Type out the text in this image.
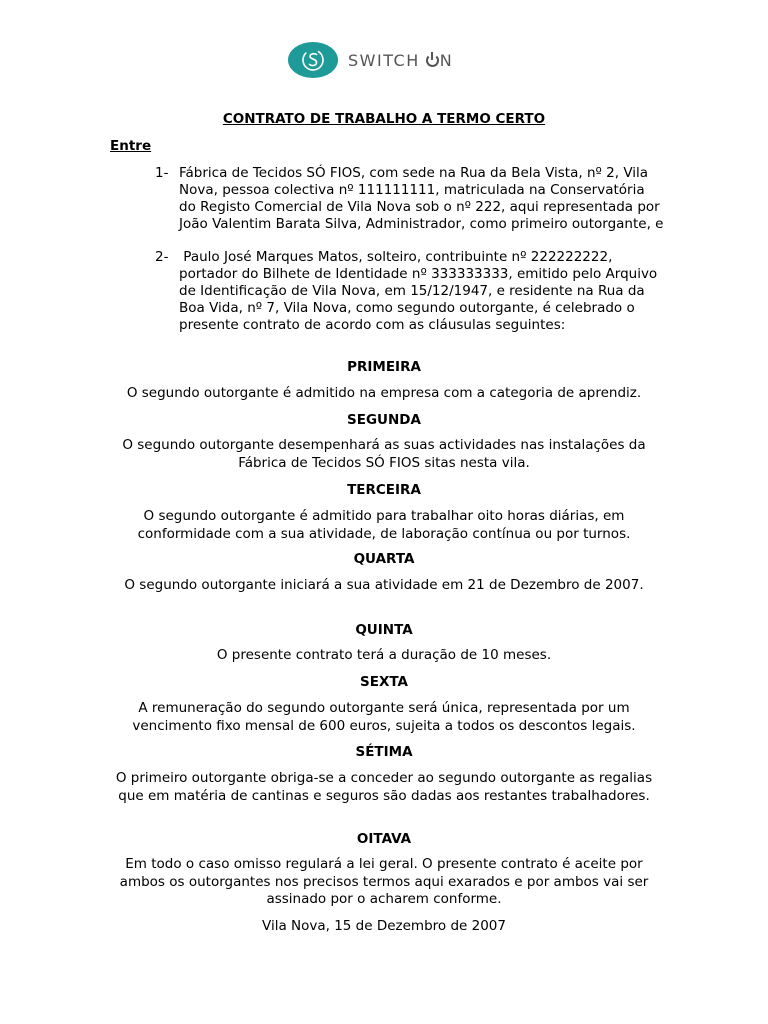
SWITCH N
CONTRATO DE TRABALHO A TERMO CERTO
Entre
1- Fábrica de Tecidos SÓ FIOS, com sede na Rua da Bela Vista, nº 2, Vila Nova, pessoa colectiva nº 111111111, matriculada na Conservatória do Registo Comercial de Vila Nova sob o nº 222, aqui representada por João Valentim Barata Silva, Administrador, como primeiro outorgante, e
2- Paulo José Marques Matos, solteiro, contribuinte nº 222222222, portador do Bilhete de Identidade nº 333333333, emitido pelo Arquivo de Identificação de Vila Nova, em 15/12/1947, e residente na Rua da Boa Vida, nº 7, Vila Nova, como segundo outorgante, é celebrado o presente contrato de acordo com as cláusulas seguintes:
PRIMEIRA
O segundo outorgante é admitido na empresa com a categoria de aprendiz.
SEGUNDA
O segundo outorgante desempenhará as suas actividades nas instalações da Fábrica de Tecidos SÓ FIOS sitas nesta vila.
TERCEIRA
O segundo outorgante é admitido para trabalhar oito horas diárias, em conformidade com a sua atividade, de laboração contínua ou por turnos.
QUARTA
O segundo outorgante iniciará a sua atividade em 21 de Dezembro de 2007.
QUINTA
O presente contrato terá a duração de 10 meses.
SEXTA
A remuneração do segundo outorgante será única, representada por um vencimento fixo mensal de 600 euros, sujeita a todos os descontos legais.
SÉTIMA
O primeiro outorgante obriga-se a conceder ao segundo outorgante as regalias que em matéria de cantinas e seguros são dadas aos restantes trabalhadores.
OITAVA
Em todo o caso omisso regulará a lei geral. O presente contrato é aceite por ambos os outorgantes nos precisos termos aqui exarados e por ambos vai ser assinado por o acharem conforme.
Vila Nova, 15 de Dezembro de 2007
